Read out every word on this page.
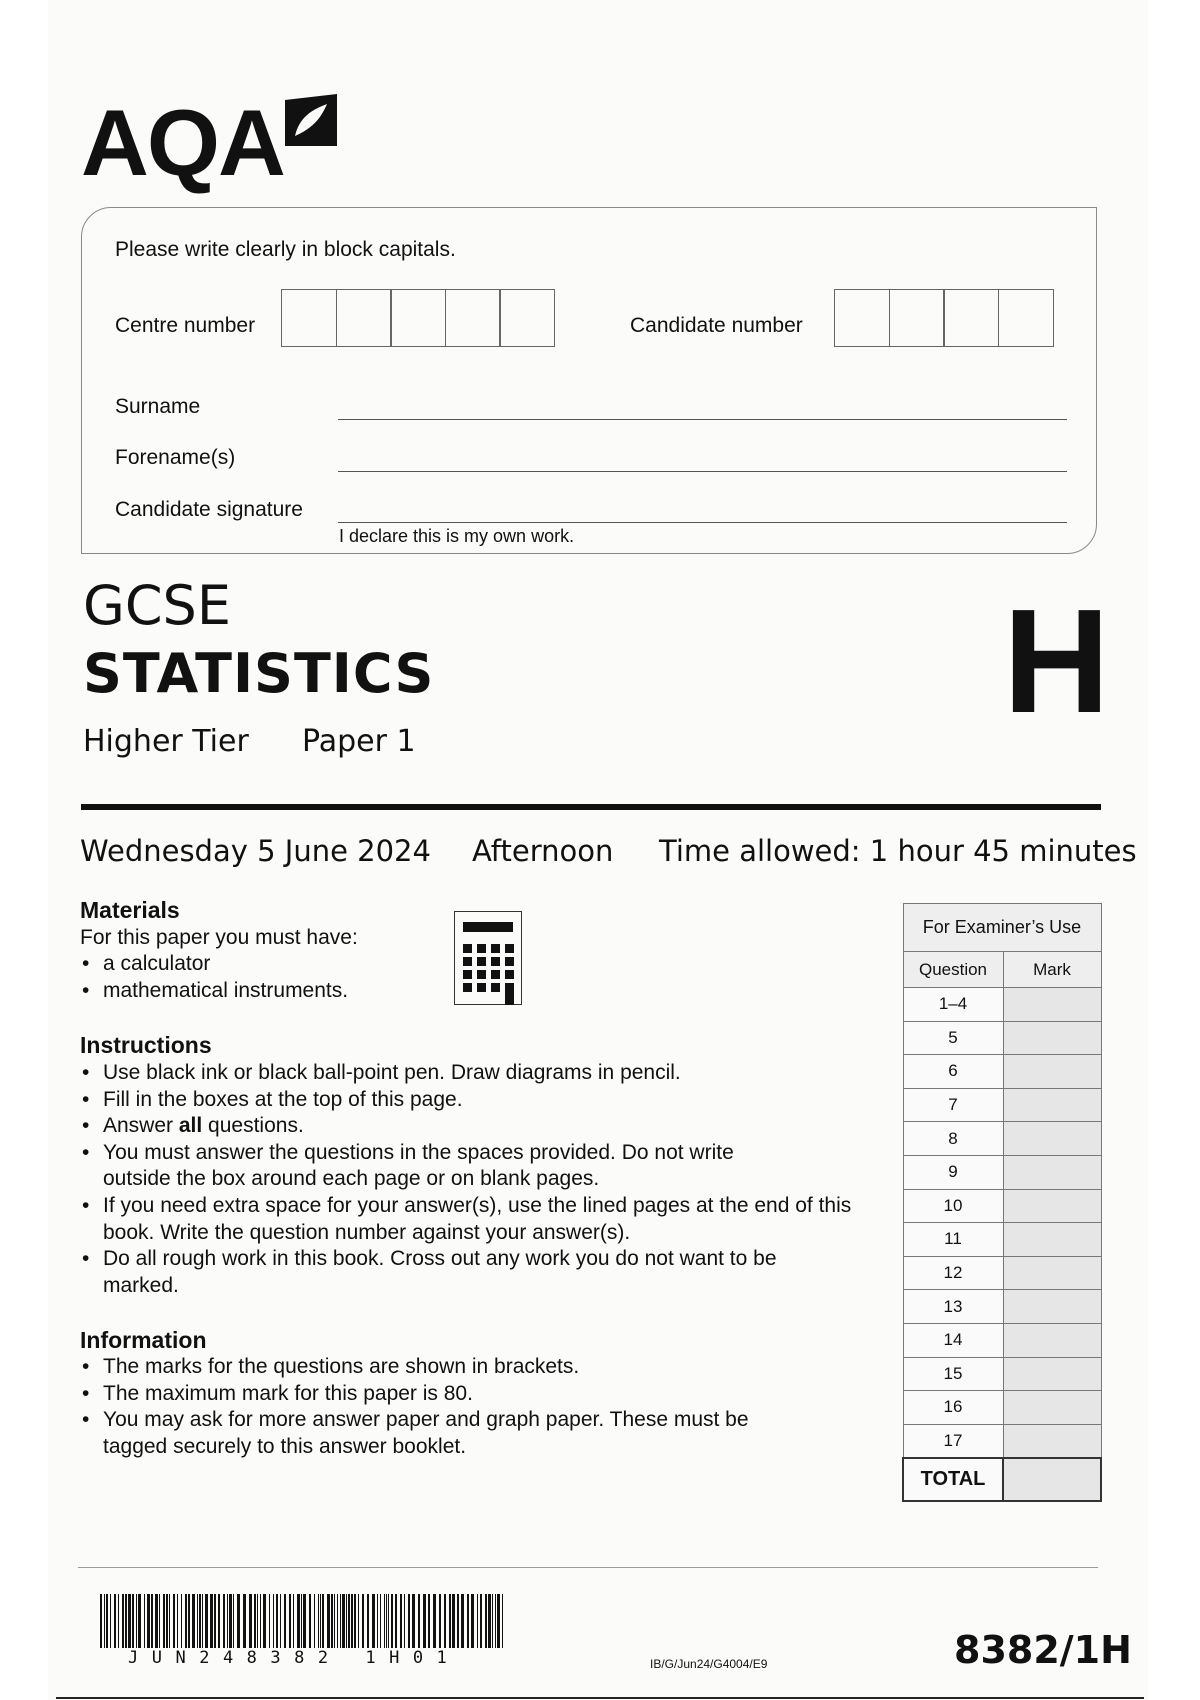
AQA
Please write clearly in block capitals.
Centre number	Candidate number
Surname
Forename(s)
Candidate signature
I declare this is my own work.
GCSE
STATISTICS
Higher Tier Paper 1	H
Wednesday 5 June 2024 Afternoon Time allowed: 1 hour 45 minutes
Materials
For this paper you must have:
• a calculator
• mathematical instruments.
Instructions
• Use black ink or black ball-point pen. Draw diagrams in pencil.
• Fill in the boxes at the top of this page.
• Answer all questions.
• You must answer the questions in the spaces provided. Do not write outside the box around each page or on blank pages.
• If you need extra space for your answer(s), use the lined pages at the end of this book. Write the question number against your answer(s).
• Do all rough work in this book. Cross out any work you do not want to be marked.
Information
• The marks for the questions are shown in brackets.
• The maximum mark for this paper is 80.
• You may ask for more answer paper and graph paper. These must be tagged securely to this answer booklet.
For Examiner’s Use	
Question	Mark
1–4	
5	
6	
7	
8	
9	
10	
11	
12	
13	
14	
15	
16	
17	
TOTAL	
JUN248382 1H01	IB/G/Jun24/G4004/E9	8382/1H
